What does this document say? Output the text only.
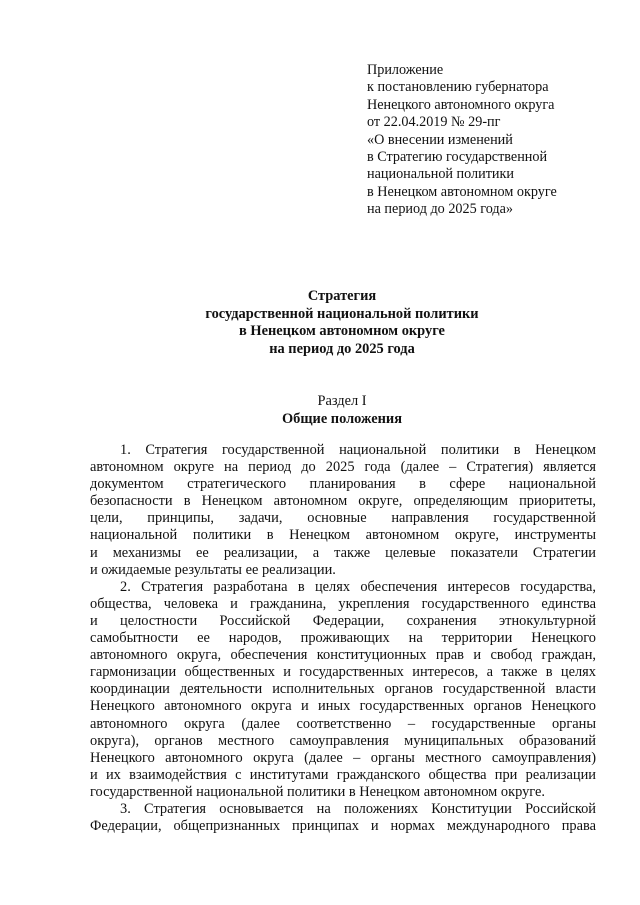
Приложение
к постановлению губернатора
Ненецкого автономного округа
от 22.04.2019 № 29-пг
«О внесении изменений
в Стратегию государственной
национальной политики
в Ненецком автономном округе
на период до 2025 года»
Стратегия
государственной национальной политики
в Ненецком автономном округе
на период до 2025 года
Раздел I
Общие положения
1. Стратегия государственной национальной политики в Ненецком
автономном округе на период до 2025 года (далее – Стратегия) является
документом стратегического планирования в сфере национальной
безопасности в Ненецком автономном округе, определяющим приоритеты,
цели, принципы, задачи, основные направления государственной
национальной политики в Ненецком автономном округе, инструменты
и механизмы ее реализации, а также целевые показатели Стратегии
и ожидаемые результаты ее реализации.
2. Стратегия разработана в целях обеспечения интересов государства,
общества, человека и гражданина, укрепления государственного единства
и целостности Российской Федерации, сохранения этнокультурной
самобытности ее народов, проживающих на территории Ненецкого
автономного округа, обеспечения конституционных прав и свобод граждан,
гармонизации общественных и государственных интересов, а также в целях
координации деятельности исполнительных органов государственной власти
Ненецкого автономного округа и иных государственных органов Ненецкого
автономного округа (далее соответственно – государственные органы
округа), органов местного самоуправления муниципальных образований
Ненецкого автономного округа (далее – органы местного самоуправления)
и их взаимодействия с институтами гражданского общества при реализации
государственной национальной политики в Ненецком автономном округе.
3. Стратегия основывается на положениях Конституции Российской
Федерации, общепризнанных принципах и нормах международного права
